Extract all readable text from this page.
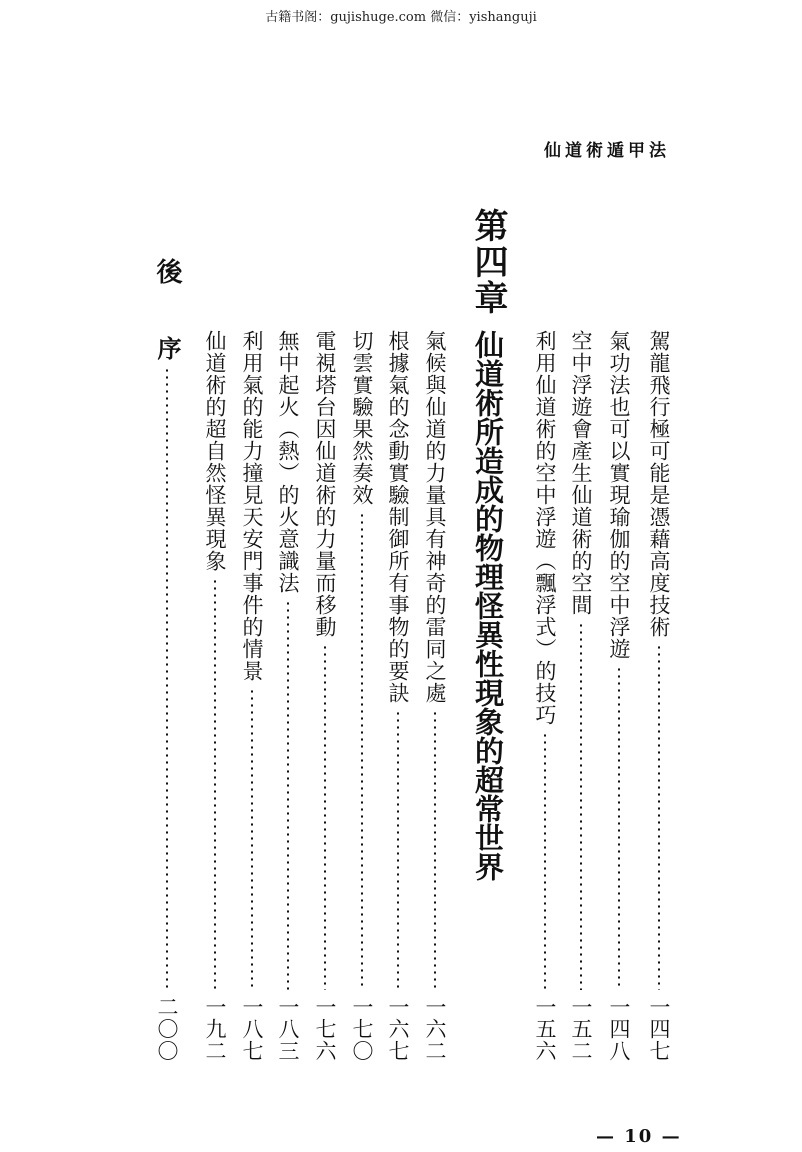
古籍书阁：gujishuge.com 微信：yishanguji
仙道術遁甲法
駕龍飛行極可能是憑藉高度技術
一四七
氣功法也可以實現瑜伽的空中浮遊
一四八
空中浮遊會產生仙道術的空間
一五二
利用仙道術的空中浮遊（飄浮式）的技巧
一五六
第四章
仙道術所造成的物理怪異性現象的超常世界
氣候與仙道的力量具有神奇的雷同之處
一六二
根據氣的念動實驗制御所有事物的要訣
一六七
切雲實驗果然奏效
一七〇
電視塔台因仙道術的力量而移動
一七六
無中起火（熱）的火意識法
一八三
利用氣的能力撞見天安門事件的情景
一八七
仙道術的超自然怪異現象
一九二
後
序
二〇〇
— 10 —
